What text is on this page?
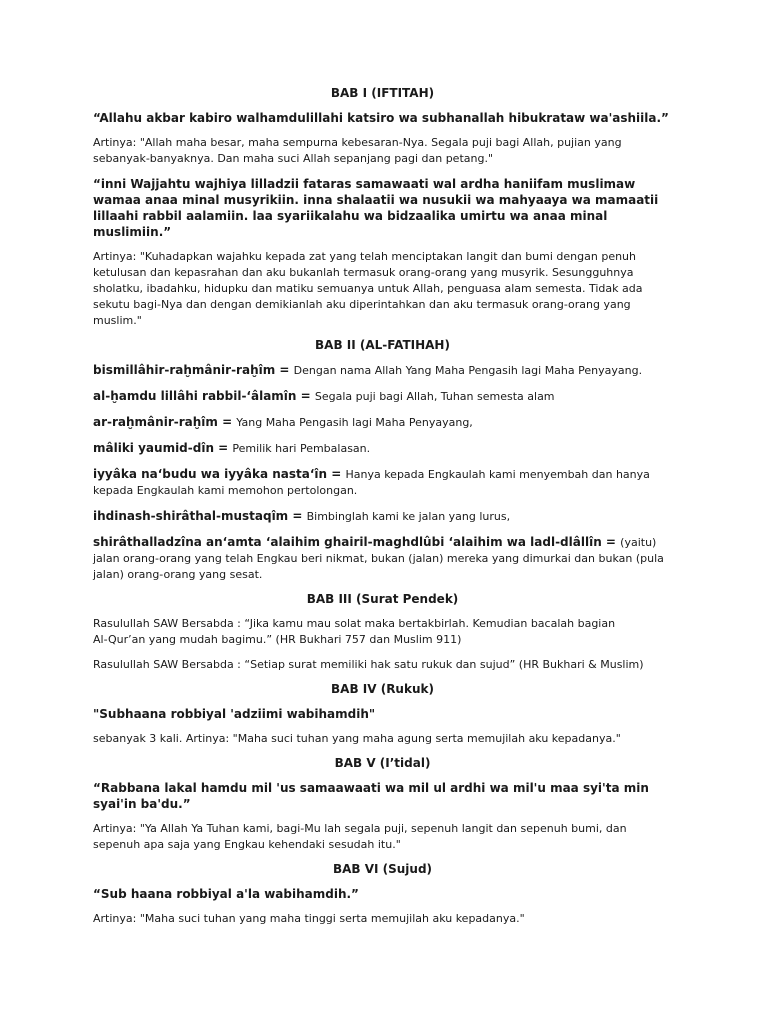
BAB I (IFTITAH)
“Allahu akbar kabiro walhamdulillahi katsiro wa subhanallah hibukrataw wa'ashiila.”
Artinya: "Allah maha besar, maha sempurna kebesaran-Nya. Segala puji bagi Allah, pujian yang sebanyak-banyaknya. Dan maha suci Allah sepanjang pagi dan petang."
“inni Wajjahtu wajhiya lilladzii fataras samawaati wal ardha haniifam muslimaw wamaa anaa minal musyrikiin. inna shalaatii wa nusukii wa mahyaaya wa mamaatii lillaahi rabbil aalamiin. laa syariikalahu wa bidzaalika umirtu wa anaa minal muslimiin.”
Artinya: "Kuhadapkan wajahku kepada zat yang telah menciptakan langit dan bumi dengan penuh ketulusan dan kepasrahan dan aku bukanlah termasuk orang-orang yang musyrik. Sesungguhnya sholatku, ibadahku, hidupku dan matiku semuanya untuk Allah, penguasa alam semesta. Tidak ada sekutu bagi-Nya dan dengan demikianlah aku diperintahkan dan aku termasuk orang-orang yang muslim."
BAB II (AL-FATIHAH)
bismillâhir-raḫmânir-raḫîm = Dengan nama Allah Yang Maha Pengasih lagi Maha Penyayang.
al-ḫamdu lillâhi rabbil-‘âlamîn = Segala puji bagi Allah, Tuhan semesta alam
ar-raḫmânir-raḫîm = Yang Maha Pengasih lagi Maha Penyayang,
mâliki yaumid-dîn = Pemilik hari Pembalasan.
iyyâka na‘budu wa iyyâka nasta‘în = Hanya kepada Engkaulah kami menyembah dan hanya kepada Engkaulah kami memohon pertolongan.
ihdinash-shirâthal-mustaqîm = Bimbinglah kami ke jalan yang lurus,
shirâthalladzîna an‘amta ‘alaihim ghairil-maghdlûbi ‘alaihim wa ladl-dlâllîn = (yaitu) jalan orang-orang yang telah Engkau beri nikmat, bukan (jalan) mereka yang dimurkai dan bukan (pula jalan) orang-orang yang sesat.
BAB III (Surat Pendek)
Rasulullah SAW Bersabda : “Jika kamu mau solat maka bertakbirlah. Kemudian bacalah bagian
Al-Qur’an yang mudah bagimu.” (HR Bukhari 757 dan Muslim 911)
Rasulullah SAW Bersabda : “Setiap surat memiliki hak satu rukuk dan sujud” (HR Bukhari & Muslim)
BAB IV (Rukuk)
"Subhaana robbiyal 'adziimi wabihamdih"
sebanyak 3 kali. Artinya: "Maha suci tuhan yang maha agung serta memujilah aku kepadanya."
BAB V (I’tidal)
“Rabbana lakal hamdu mil 'us samaawaati wa mil ul ardhi wa mil'u maa syi'ta min syai'in ba'du.”
Artinya: "Ya Allah Ya Tuhan kami, bagi-Mu lah segala puji, sepenuh langit dan sepenuh bumi, dan sepenuh apa saja yang Engkau kehendaki sesudah itu."
BAB VI (Sujud)
“Sub haana robbiyal a'la wabihamdih.”
Artinya: "Maha suci tuhan yang maha tinggi serta memujilah aku kepadanya."
